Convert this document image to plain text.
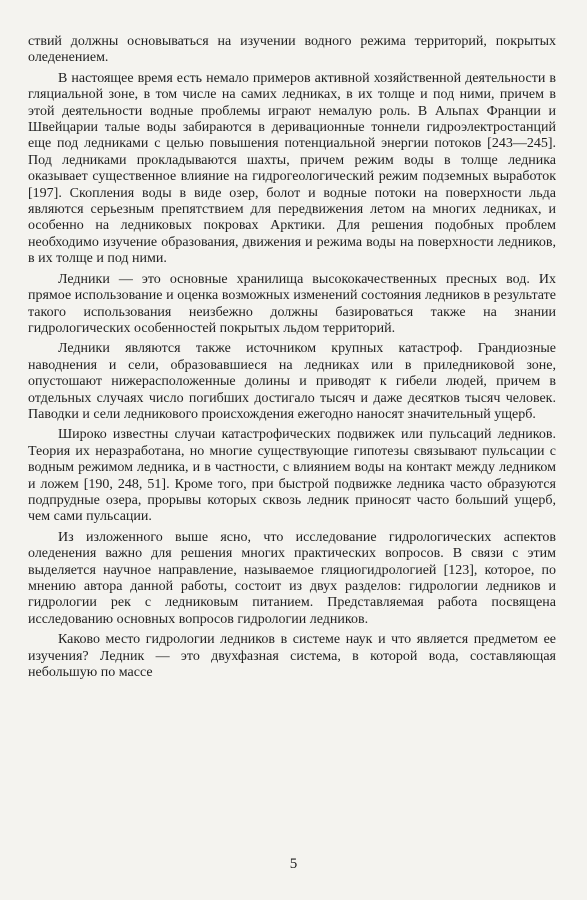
ствий должны основываться на изучении водного режима территорий, покрытых оледенением.

В настоящее время есть немало примеров активной хозяйственной деятельности в гляциальной зоне, в том числе на самих ледниках, в их толще и под ними, причем в этой деятельности водные проблемы играют немалую роль. В Альпах Франции и Швейцарии талые воды забираются в деривационные тоннели гидроэлектростанций еще под ледниками с целью повышения потенциальной энергии потоков [243—245]. Под ледниками прокладываются шахты, причем режим воды в толще ледника оказывает существенное влияние на гидрогеологический режим подземных выработок [197]. Скопления воды в виде озер, болот и водные потоки на поверхности льда являются серьезным препятствием для передвижения летом на многих ледниках, и особенно на ледниковых покровах Арктики. Для решения подобных проблем необходимо изучение образования, движения и режима воды на поверхности ледников, в их толще и под ними.

Ледники — это основные хранилища высококачественных пресных вод. Их прямое использование и оценка возможных изменений состояния ледников в результате такого использования неизбежно должны базироваться также на знании гидрологических особенностей покрытых льдом территорий.

Ледники являются также источником крупных катастроф. Грандиозные наводнения и сели, образовавшиеся на ледниках или в приледниковой зоне, опустошают нижерасположенные долины и приводят к гибели людей, причем в отдельных случаях число погибших достигало тысяч и даже десятков тысяч человек. Паводки и сели ледникового происхождения ежегодно наносят значительный ущерб.

Широко известны случаи катастрофических подвижек или пульсаций ледников. Теория их неразработана, но многие существующие гипотезы связывают пульсации с водным режимом ледника, и в частности, с влиянием воды на контакт между ледником и ложем [190, 248, 51]. Кроме того, при быстрой подвижке ледника часто образуются подпрудные озера, прорывы которых сквозь ледник приносят часто больший ущерб, чем сами пульсации.

Из изложенного выше ясно, что исследование гидрологических аспектов оледенения важно для решения многих практических вопросов. В связи с этим выделяется научное направление, называемое гляциогидрологией [123], которое, по мнению автора данной работы, состоит из двух разделов: гидрологии ледников и гидрологии рек с ледниковым питанием. Представляемая работа посвящена исследованию основных вопросов гидрологии ледников.

Каково место гидрологии ледников в системе наук и что является предметом ее изучения? Ледник — это двухфазная система, в которой вода, составляющая небольшую по массе

5
